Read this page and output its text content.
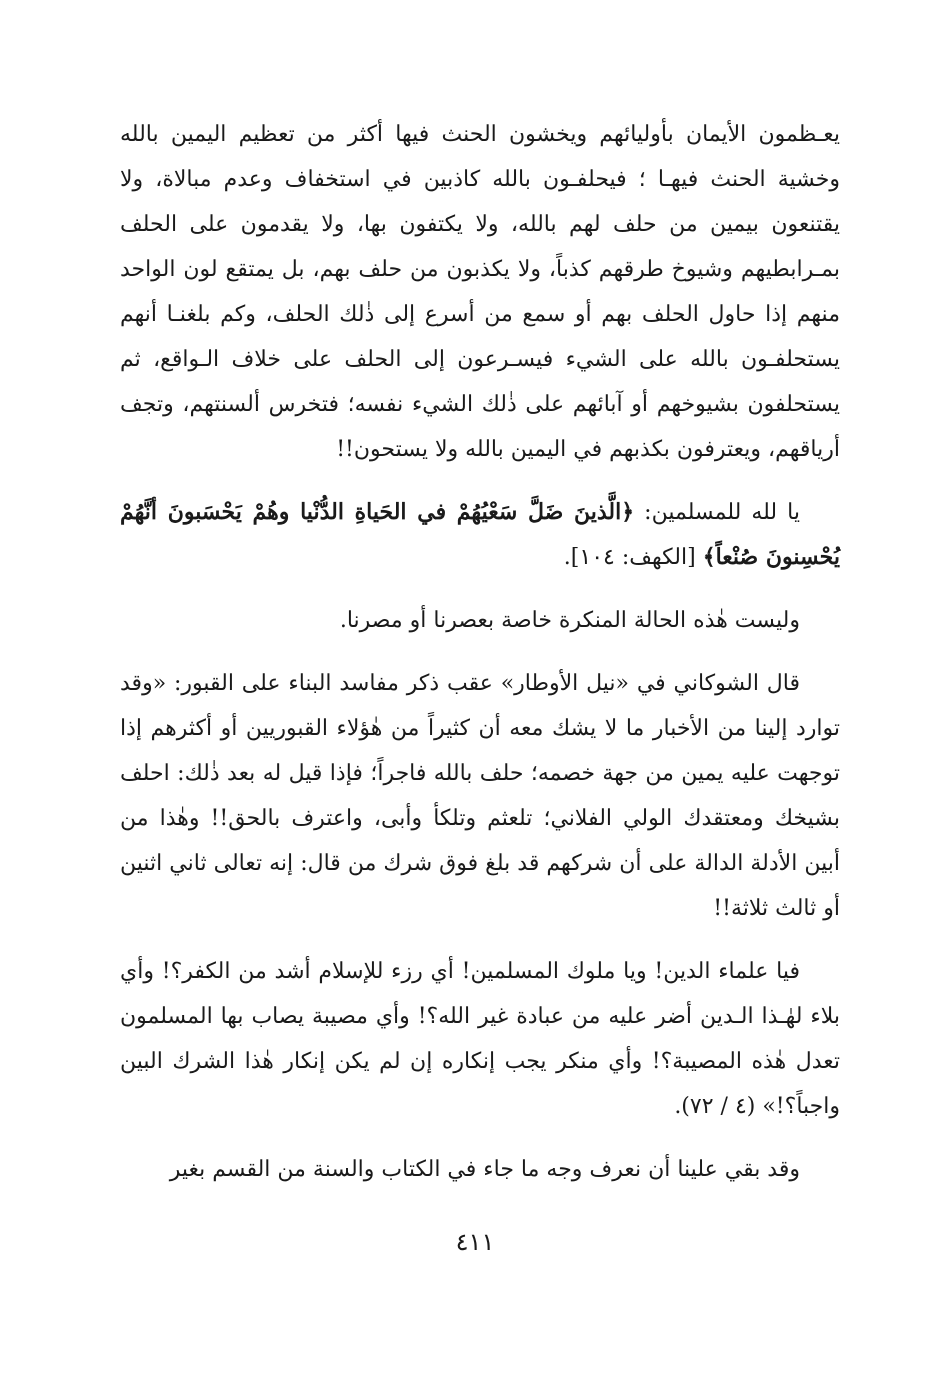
يعـظمون الأيمان بأوليائهم ويخشون الحنث فيها أكثر من تعظيم اليمين بالله وخشية الحنث فيهـا ؛ فيحلفـون بالله كاذبين في استخفاف وعدم مبالاة، ولا يقتنعون بيمين من حلف لهم بالله، ولا يكتفون بها، ولا يقدمون على الحلف بمـرابطيهم وشيوخ طرقهم كذباً، ولا يكذبون من حلف بهم، بل يمتقع لون الواحد منهم إذا حاول الحلف بهم أو سمع من أسرع إلى ذٰلك الحلف، وكم بلغنـا أنهم يستحلفـون بالله على الشيء فيسـرعون إلى الحلف على خلاف الـواقع، ثم يستحلفون بشيوخهم أو آبائهم على ذٰلك الشيء نفسه؛ فتخرس ألسنتهم، وتجف أرياقهم، ويعترفون بكذبهم في اليمين بالله ولا يستحون!!

يا لله للمسلمين: ﴿الَّذينَ ضَلَّ سَعْيُهُمْ في الحَياةِ الدُّنْيا وهُمْ يَحْسَبونَ أنَّهُمْ يُحْسِنونَ صُنْعاً﴾ [الكهف: ١٠٤].

وليست هٰذه الحالة المنكرة خاصة بعصرنا أو مصرنا.

قال الشوكاني في «نيل الأوطار» عقب ذكر مفاسد البناء على القبور: «وقد توارد إلينا من الأخبار ما لا يشك معه أن كثيراً من هٰؤلاء القبوريين أو أكثرهم إذا توجهت عليه يمين من جهة خصمه؛ حلف بالله فاجراً؛ فإذا قيل له بعد ذٰلك: احلف بشيخك ومعتقدك الولي الفلاني؛ تلعثم وتلكأ وأبى، واعترف بالحق!! وهٰذا من أبين الأدلة الدالة على أن شركهم قد بلغ فوق شرك من قال: إنه تعالى ثاني اثنين أو ثالث ثلاثة!!

فيا علماء الدين! ويا ملوك المسلمين! أي رزء للإسلام أشد من الكفر؟! وأي بلاء لهٰـذا الـدين أضر عليه من عبادة غير الله؟! وأي مصيبة يصاب بها المسلمون تعدل هٰذه المصيبة؟! وأي منكر يجب إنكاره إن لم يكن إنكار هٰذا الشرك البين واجباً؟!» (٤ / ٧٢).

وقد بقي علينا أن نعرف وجه ما جاء في الكتاب والسنة من القسم بغير

٤١١
